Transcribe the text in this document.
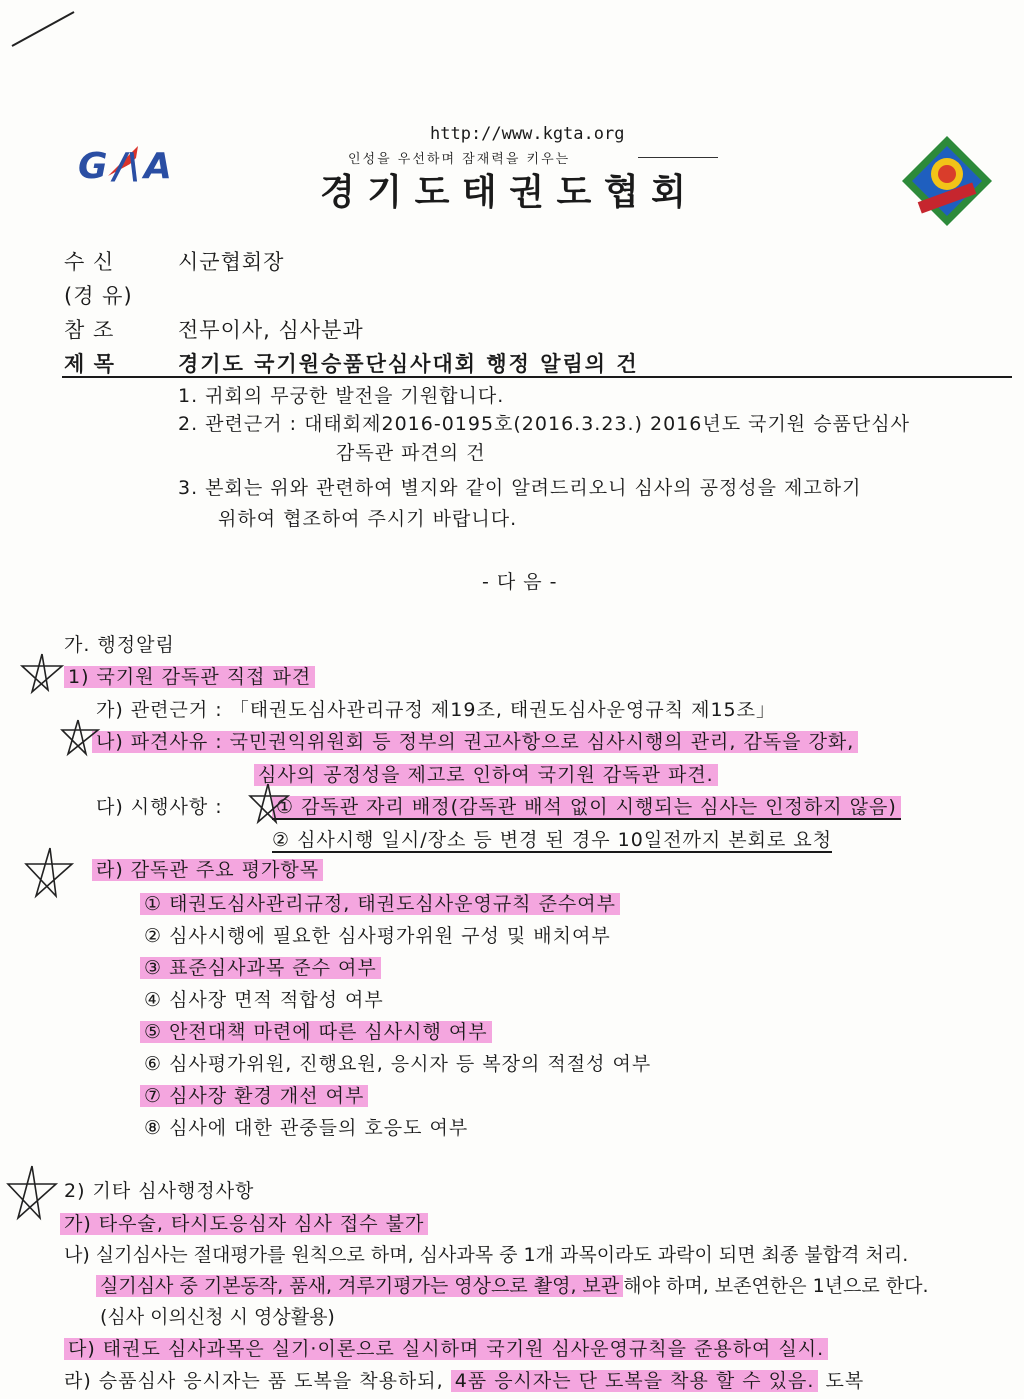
http://www.kgta.org
인성을 우선하며 잠재력을 키우는
경 기 도 태 권 도 협 회
G /\ A
수 신	시군협회장
(경 유)
참 조	전무이사, 심사분과
제 목	경기도 국기원승품단심사대회 행정 알림의 건
1. 귀회의 무궁한 발전을 기원합니다.
2. 관련근거 : 대태회제2016-0195호(2016.3.23.) 2016년도 국기원 승품단심사
감독관 파견의 건
3. 본회는 위와 관련하여 별지와 같이 알려드리오니 심사의 공정성을 제고하기
위하여 협조하여 주시기 바랍니다.
- 다 음 -
가. 행정알림
1) 국기원 감독관 직접 파견
가) 관련근거 : 「태권도심사관리규정 제19조, 태권도심사운영규칙 제15조」
나) 파견사유 : 국민권익위원회 등 정부의 권고사항으로 심사시행의 관리, 감독을 강화,
심사의 공정성을 제고로 인하여 국기원 감독관 파견.
다) 시행사항 :	① 감독관 자리 배정(감독관 배석 없이 시행되는 심사는 인정하지 않음)
② 심사시행 일시/장소 등 변경 된 경우 10일전까지 본회로 요청
라) 감독관 주요 평가항목
① 태권도심사관리규정, 태권도심사운영규칙 준수여부
② 심사시행에 필요한 심사평가위원 구성 및 배치여부
③ 표준심사과목 준수 여부
④ 심사장 면적 적합성 여부
⑤ 안전대책 마련에 따른 심사시행 여부
⑥ 심사평가위원, 진행요원, 응시자 등 복장의 적절성 여부
⑦ 심사장 환경 개선 여부
⑧ 심사에 대한 관중들의 호응도 여부
2) 기타 심사행정사항
가) 타우술, 타시도응심자 심사 접수 불가
나) 실기심사는 절대평가를 원칙으로 하며, 심사과목 중 1개 과목이라도 과락이 되면 최종 불합격 처리.
실기심사 중 기본동작, 품새, 겨루기평가는 영상으로 촬영, 보관 해야 하며, 보존연한은 1년으로 한다.
(심사 이의신청 시 영상활용)
다) 태권도 심사과목은 실기·이론으로 실시하며 국기원 심사운영규칙을 준용하여 실시.
라) 승품심사 응시자는 품 도복을 착용하되, 4품 응시자는 단 도복을 착용 할 수 있음. 도복
